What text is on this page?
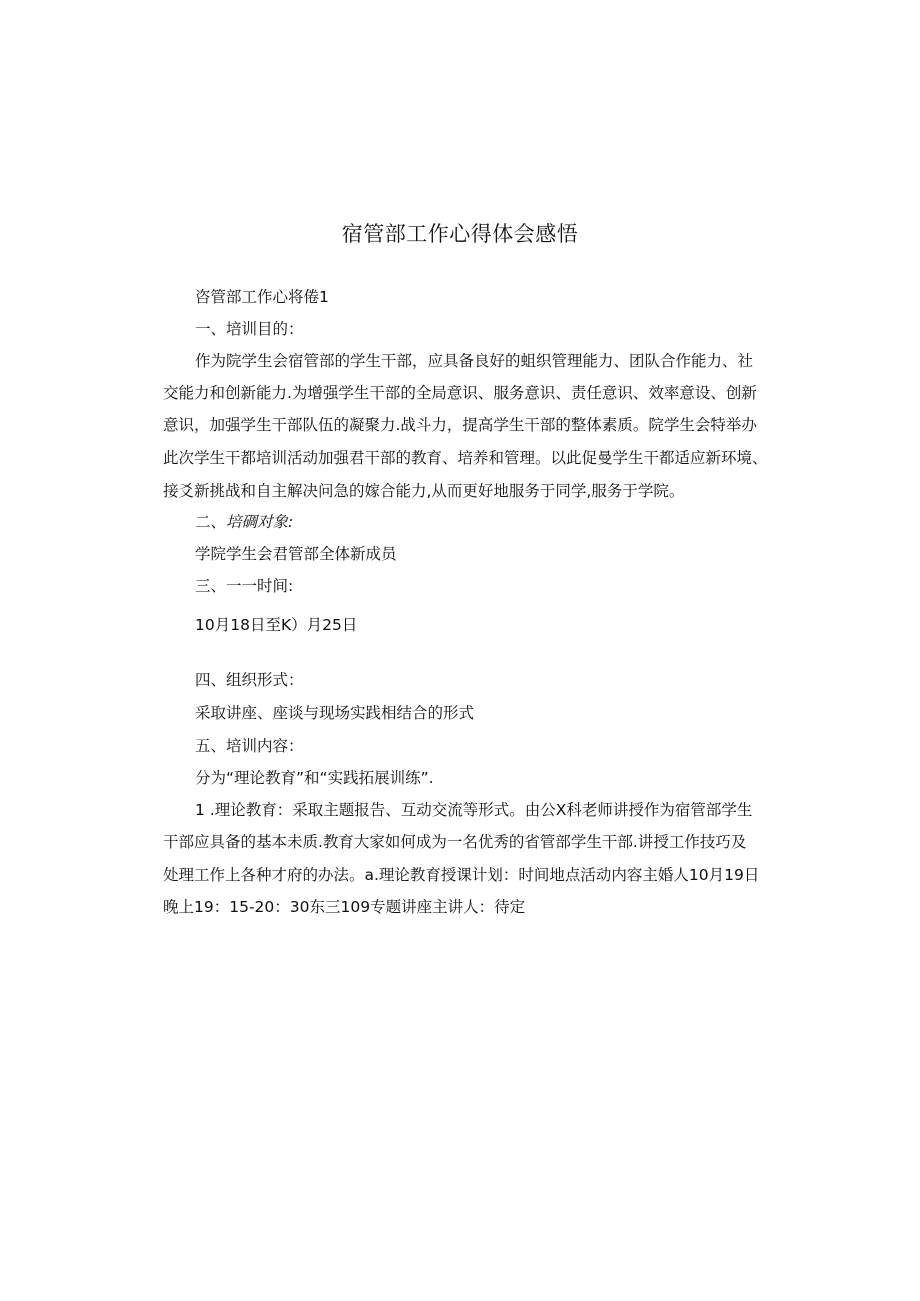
宿管部工作心得体会感悟
咨管部工作心将倦1
一、培训目的：
作为院学生会宿管部的学生干部，应具备良好的蛆织管理能力、团队合作能力、社
交能力和创新能力.为增强学生干部的全局意识、服务意识、责任意识、效率意设、创新
意识，加强学生干部队伍的凝聚力.战斗力，提高学生干部的整体素质。院学生会特举办
此次学生干都培训活动加强君干部的教育、培养和管理。以此促曼学生干都适应新环境、
接爻新挑战和自主解决问急的嫁合能力,从而更好地服务于同学,服务于学院。
二、培碉对象:
学院学生会君管部全体新成员
三、一一时间:
10月18日至K）月25日
四、组织形式：
采取讲座、座谈与现场实践相结合的形式
五、培训内容：
分为“理论教育”和“实践拓展训练”.
1 .理论教育：采取主题报告、互动交流等形式。由公X科老师讲授作为宿管部学生
干部应具备的基本未质.教育大家如何成为一名优秀的省管部学生干部.讲授工作技巧及
处理工作上各种才府的办法。a.理论教育授课计划：时间地点活动内容主婚人10月19日
晚上19：15-20：30东三109专题讲座主讲人：待定
